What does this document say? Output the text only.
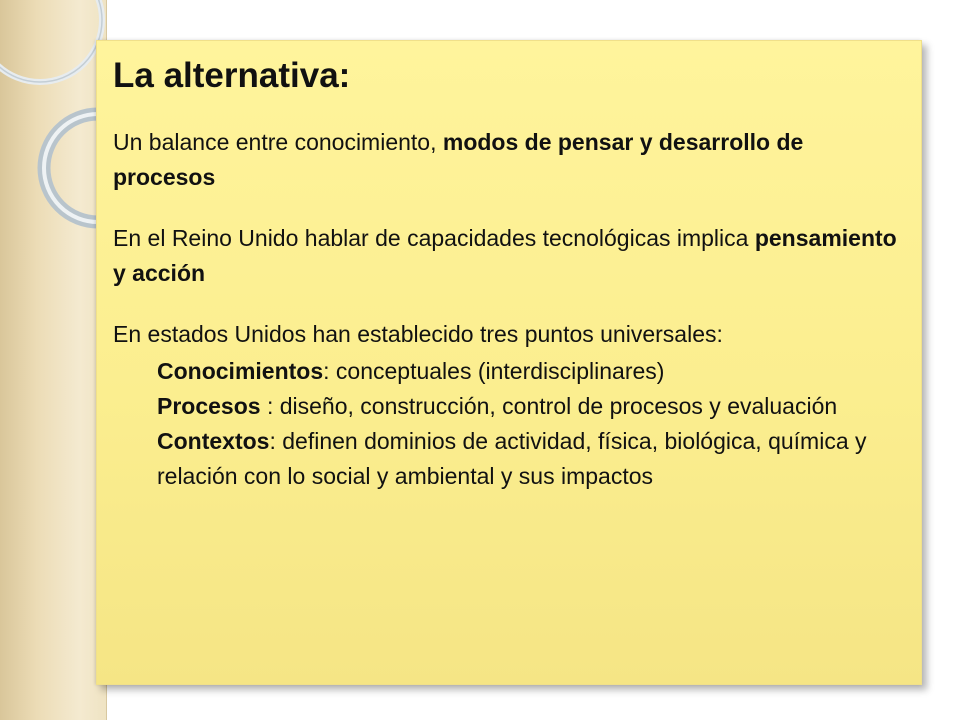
La alternativa:
Un balance entre conocimiento, modos de pensar y desarrollo de procesos
En el Reino Unido hablar de capacidades tecnológicas implica pensamiento y acción
En estados Unidos han establecido tres puntos universales:
Conocimientos: conceptuales (interdisciplinares)
Procesos : diseño, construcción, control de procesos y evaluación
Contextos: definen dominios de actividad, física, biológica, química y relación con lo social y ambiental y sus impactos
